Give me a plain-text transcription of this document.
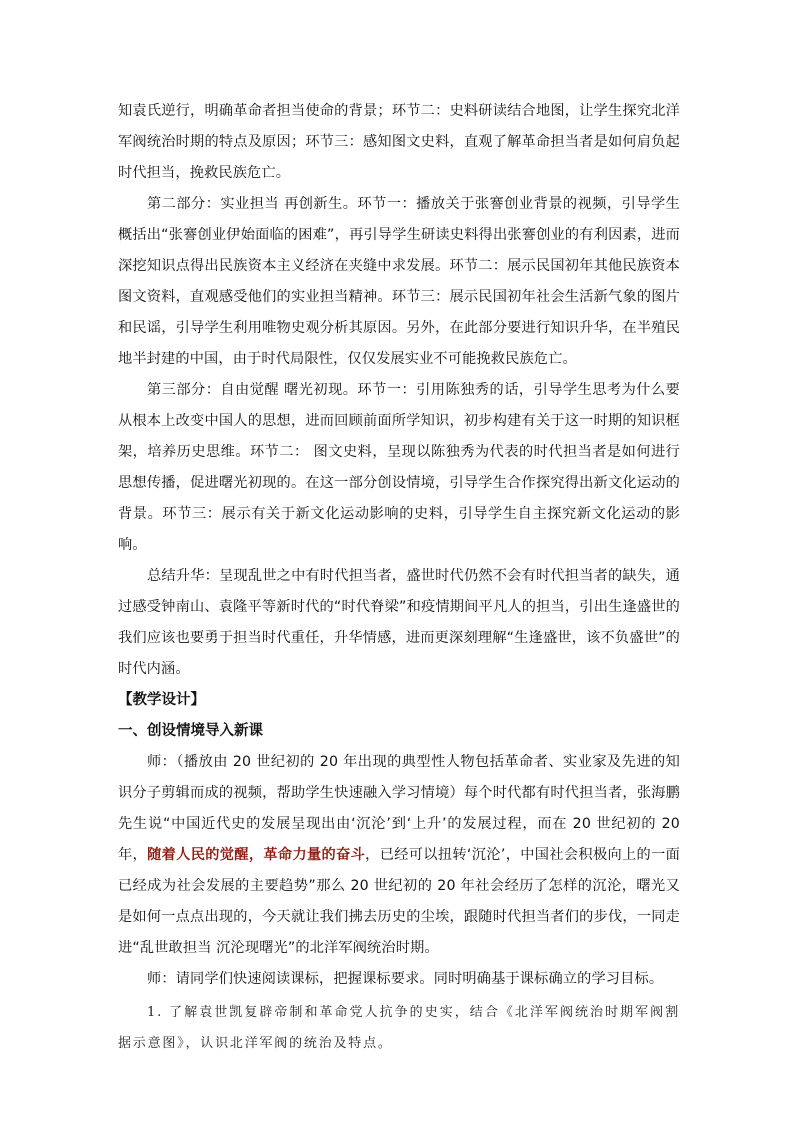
知袁氏逆行，明确革命者担当使命的背景；环节二：史料研读结合地图，让学生探究北洋军阀统治时期的特点及原因；环节三：感知图文史料，直观了解革命担当者是如何肩负起时代担当，挽救民族危亡。

第二部分：实业担当 再创新生。环节一：播放关于张謇创业背景的视频，引导学生概括出“张謇创业伊始面临的困难”，再引导学生研读史料得出张謇创业的有利因素，进而深挖知识点得出民族资本主义经济在夹缝中求发展。环节二：展示民国初年其他民族资本图文资料，直观感受他们的实业担当精神。环节三：展示民国初年社会生活新气象的图片和民谣，引导学生利用唯物史观分析其原因。另外，在此部分要进行知识升华，在半殖民地半封建的中国，由于时代局限性，仅仅发展实业不可能挽救民族危亡。

第三部分：自由觉醒 曙光初现。环节一：引用陈独秀的话，引导学生思考为什么要从根本上改变中国人的思想，进而回顾前面所学知识，初步构建有关于这一时期的知识框架，培养历史思维。环节二： 图文史料，呈现以陈独秀为代表的时代担当者是如何进行思想传播，促进曙光初现的。在这一部分创设情境，引导学生合作探究得出新文化运动的背景。环节三：展示有关于新文化运动影响的史料，引导学生自主探究新文化运动的影响。

总结升华：呈现乱世之中有时代担当者，盛世时代仍然不会有时代担当者的缺失，通过感受钟南山、袁隆平等新时代的“时代脊梁”和疫情期间平凡人的担当，引出生逢盛世的我们应该也要勇于担当时代重任，升华情感，进而更深刻理解“生逢盛世，该不负盛世”的时代内涵。

【教学设计】

一、创设情境导入新课

师：（播放由 20 世纪初的 20 年出现的典型性人物包括革命者、实业家及先进的知识分子剪辑而成的视频，帮助学生快速融入学习情境）每个时代都有时代担当者，张海鹏先生说“中国近代史的发展呈现出由‘沉沦’到‘上升’的发展过程，而在 20 世纪初的 20 年，随着人民的觉醒，革命力量的奋斗，已经可以扭转‘沉沦’，中国社会积极向上的一面已经成为社会发展的主要趋势”那么 20 世纪初的 20 年社会经历了怎样的沉沦，曙光又是如何一点点出现的，今天就让我们拂去历史的尘埃，跟随时代担当者们的步伐，一同走进“乱世敢担当 沉沦现曙光”的北洋军阀统治时期。

师：请同学们快速阅读课标，把握课标要求。同时明确基于课标确立的学习目标。

1. 了解袁世凯复辟帝制和革命党人抗争的史实，结合《北洋军阀统治时期军阀割据示意图》，认识北洋军阀的统治及特点。
